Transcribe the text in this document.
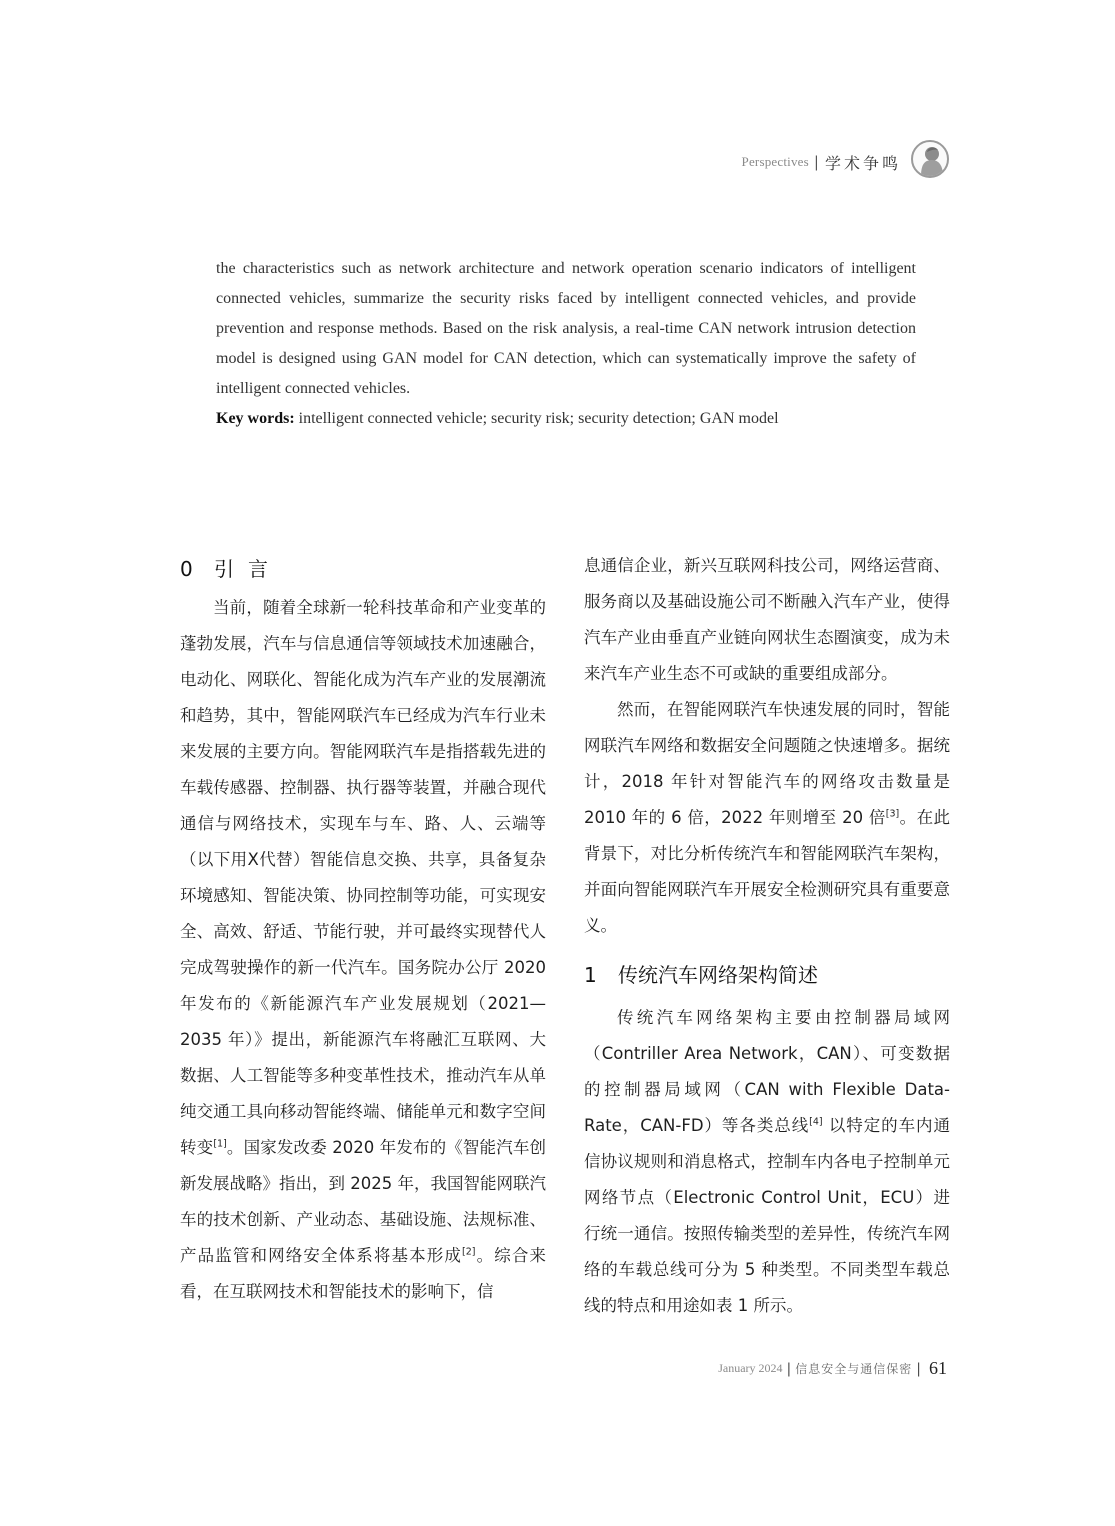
Perspectives | 学术争鸣

the characteristics such as network architecture and network operation scenario indicators of intelligent connected vehicles, summarize the security risks faced by intelligent connected vehicles, and provide prevention and response methods. Based on the risk analysis, a real-time CAN network intrusion detection model is designed using GAN model for CAN detection, which can systematically improve the safety of intelligent connected vehicles.

Key words: intelligent connected vehicle; security risk; security detection; GAN model

0 引言

当前，随着全球新一轮科技革命和产业变革的蓬勃发展，汽车与信息通信等领域技术加速融合，电动化、网联化、智能化成为汽车产业的发展潮流和趋势，其中，智能网联汽车已经成为汽车行业未来发展的主要方向。智能网联汽车是指搭载先进的车载传感器、控制器、执行器等装置，并融合现代通信与网络技术，实现车与车、路、人、云端等（以下用X代替）智能信息交换、共享，具备复杂环境感知、智能决策、协同控制等功能，可实现安全、高效、舒适、节能行驶，并可最终实现替代人完成驾驶操作的新一代汽车。国务院办公厅 2020 年发布的《新能源汽车产业发展规划（2021—2035 年）》提出，新能源汽车将融汇互联网、大数据、人工智能等多种变革性技术，推动汽车从单纯交通工具向移动智能终端、储能单元和数字空间转变[1]。国家发改委 2020 年发布的《智能汽车创新发展战略》指出，到 2025 年，我国智能网联汽车的技术创新、产业动态、基础设施、法规标准、产品监管和网络安全体系将基本形成[2]。综合来看，在互联网技术和智能技术的影响下，信

息通信企业，新兴互联网科技公司，网络运营商、服务商以及基础设施公司不断融入汽车产业，使得汽车产业由垂直产业链向网状生态圈演变，成为未来汽车产业生态不可或缺的重要组成部分。

然而，在智能网联汽车快速发展的同时，智能网联汽车网络和数据安全问题随之快速增多。据统计，2018 年针对智能汽车的网络攻击数量是 2010 年的 6 倍，2022 年则增至 20 倍[3]。在此背景下，对比分析传统汽车和智能网联汽车架构，并面向智能网联汽车开展安全检测研究具有重要意义。

1 传统汽车网络架构简述

传统汽车网络架构主要由控制器局域网（Contriller Area Network，CAN）、可变数据的控制器局域网（CAN with Flexible Data-Rate，CAN-FD）等各类总线[4] 以特定的车内通信协议规则和消息格式，控制车内各电子控制单元网络节点（Electronic Control Unit，ECU）进行统一通信。按照传输类型的差异性，传统汽车网络的车载总线可分为 5 种类型。不同类型车载总线的特点和用途如表 1 所示。

January 2024 | 信息安全与通信保密 | 61
